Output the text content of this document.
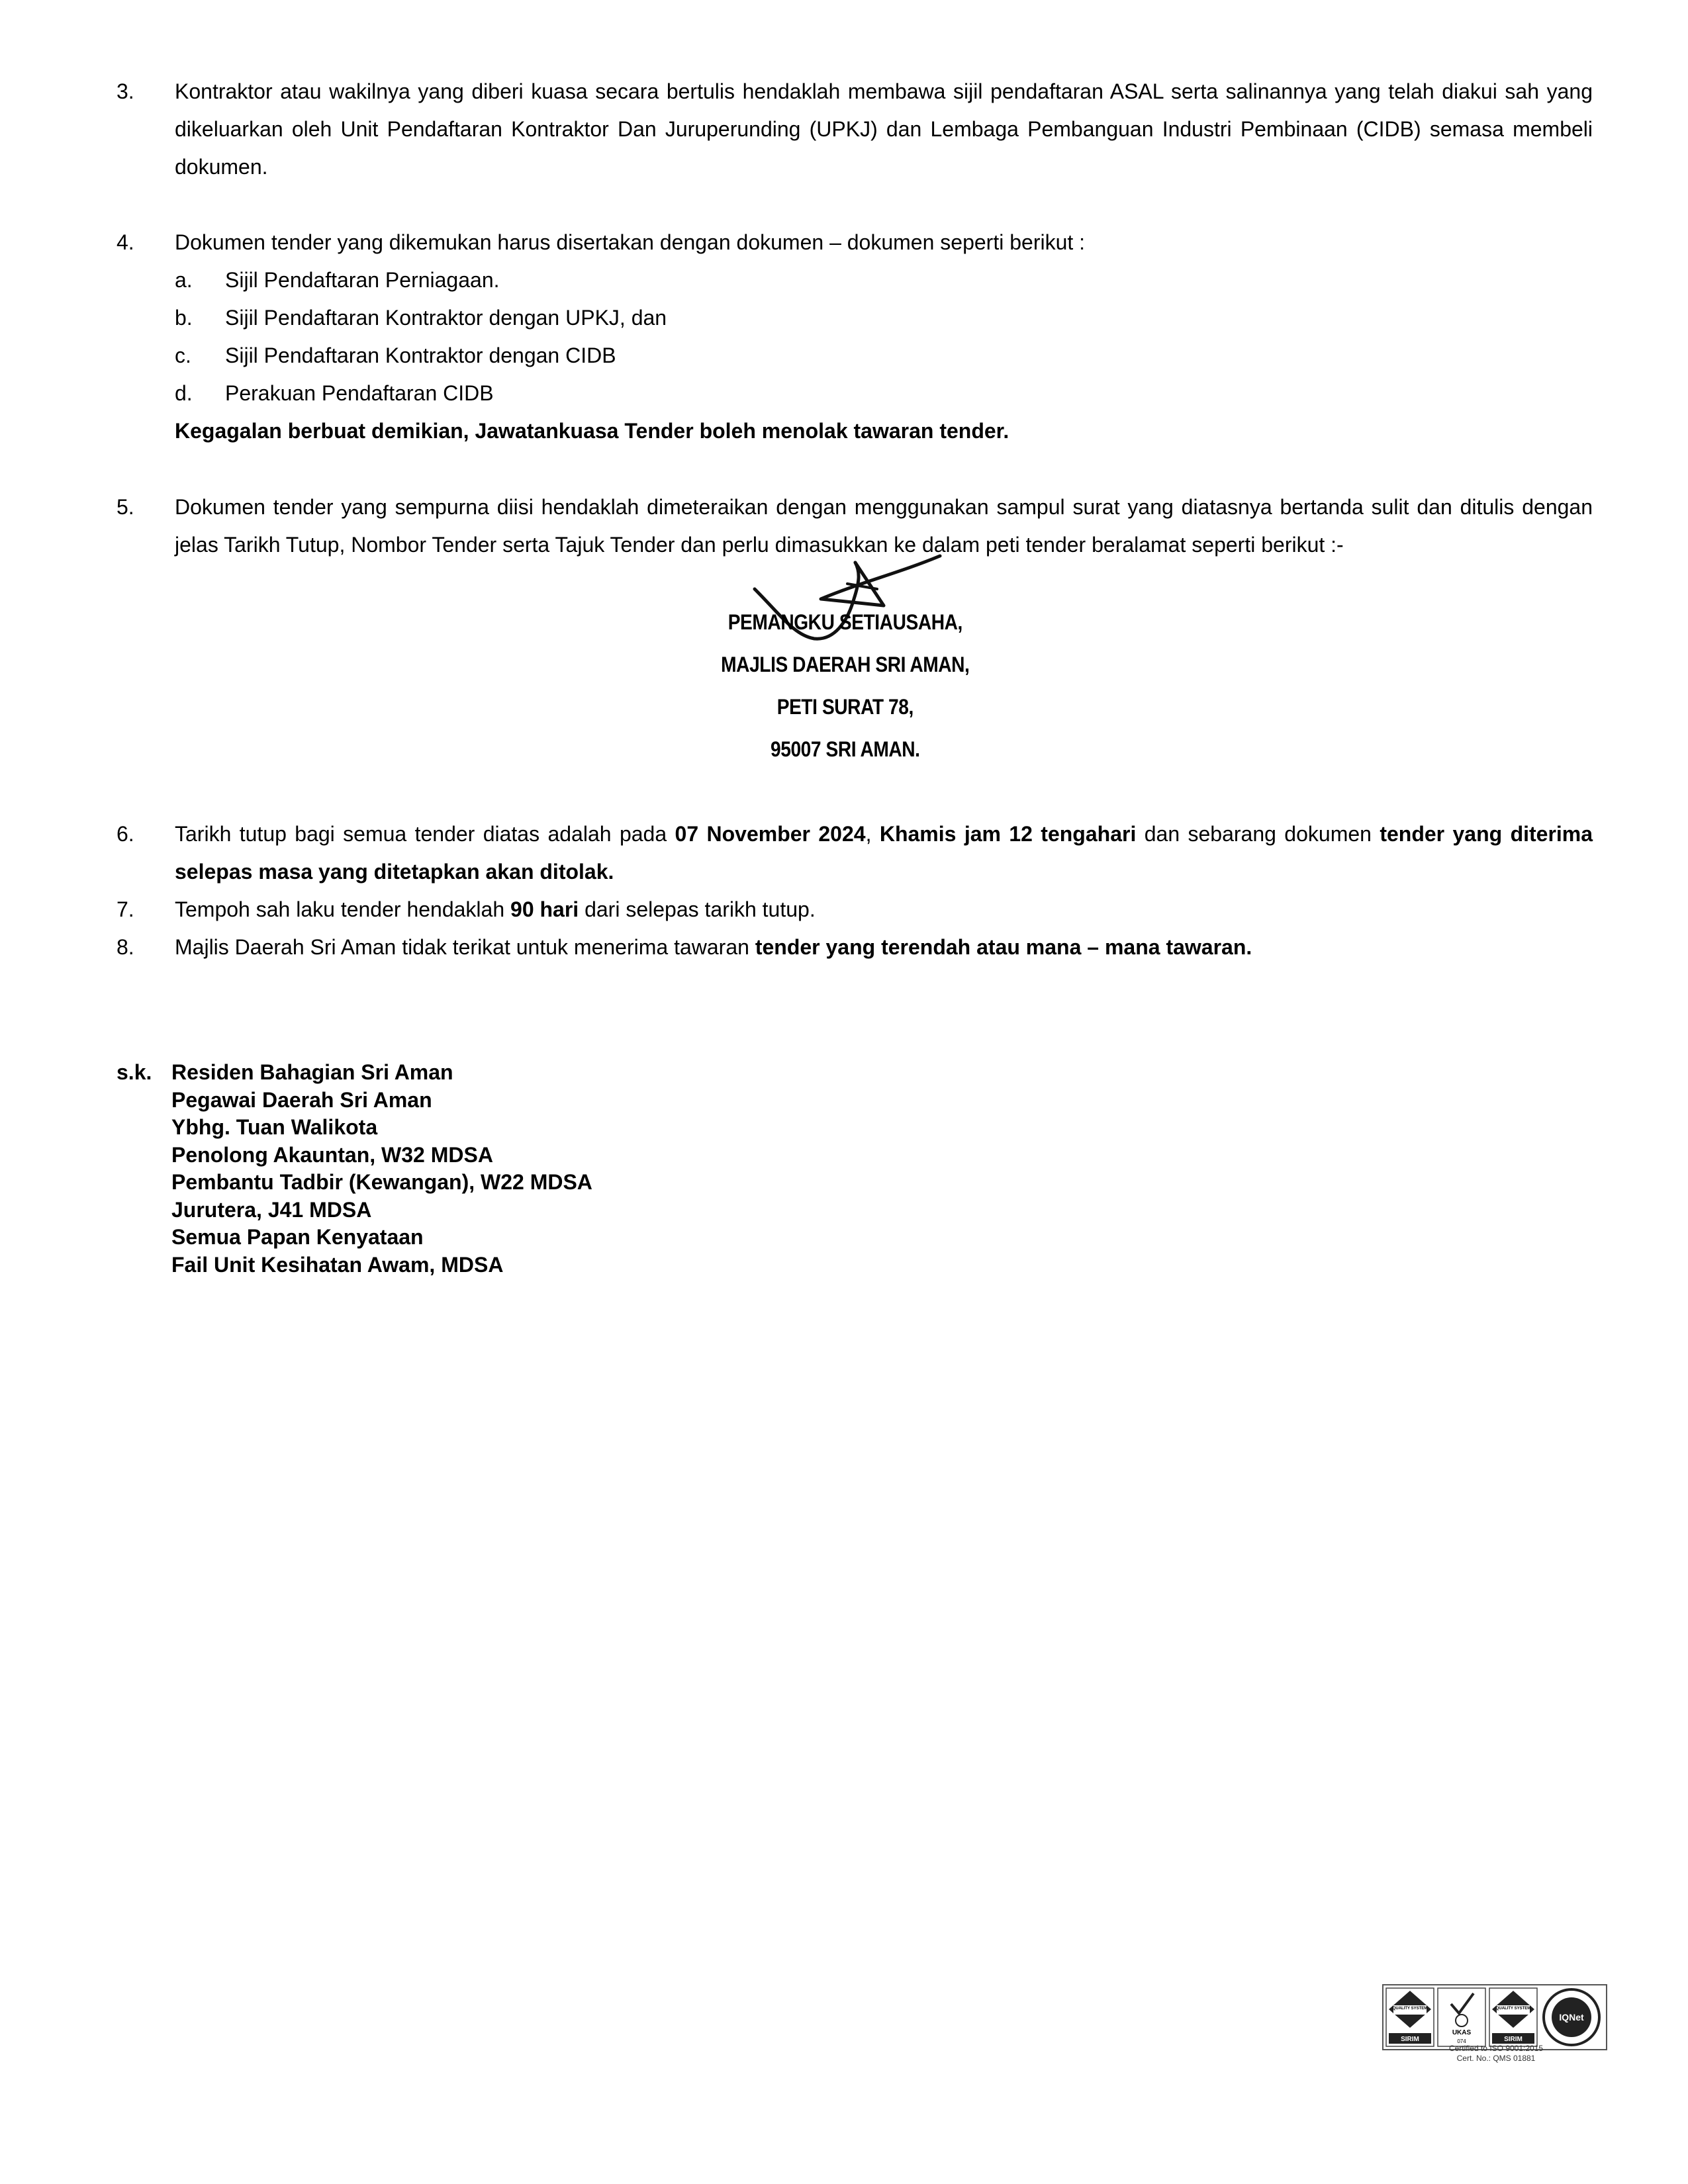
3.	Kontraktor atau wakilnya yang diberi kuasa secara bertulis hendaklah membawa sijil pendaftaran ASAL serta salinannya yang telah diakui sah yang dikeluarkan oleh Unit Pendaftaran Kontraktor Dan Juruperunding (UPKJ) dan Lembaga Pembanguan Industri Pembinaan (CIDB) semasa membeli dokumen.
4.	Dokumen tender yang dikemukan harus disertakan dengan dokumen – dokumen seperti berikut :
a. Sijil Pendaftaran Perniagaan.
b. Sijil Pendaftaran Kontraktor dengan UPKJ, dan
c. Sijil Pendaftaran Kontraktor dengan CIDB
d. Perakuan Pendaftaran CIDB
Kegagalan berbuat demikian, Jawatankuasa Tender boleh menolak tawaran tender.
5.	Dokumen tender yang sempurna diisi hendaklah dimeteraikan dengan menggunakan sampul surat yang diatasnya bertanda sulit dan ditulis dengan jelas Tarikh Tutup, Nombor Tender serta Tajuk Tender dan perlu dimasukkan ke dalam peti tender beralamat seperti berikut :-
PEMANGKU SETIAUSAHA,
MAJLIS DAERAH SRI AMAN,
PETI SURAT 78,
95007 SRI AMAN.
6.	Tarikh tutup bagi semua tender diatas adalah pada 07 November 2024, Khamis jam 12 tengahari dan sebarang dokumen tender yang diterima selepas masa yang ditetapkan akan ditolak.
7.	Tempoh sah laku tender hendaklah 90 hari dari selepas tarikh tutup.
8.	Majlis Daerah Sri Aman tidak terikat untuk menerima tawaran tender yang terendah atau mana – mana tawaran.
s.k. Residen Bahagian Sri Aman
Pegawai Daerah Sri Aman
Ybhg. Tuan Walikota
Penolong Akauntan, W32 MDSA
Pembantu Tadbir (Kewangan), W22 MDSA
Jurutera, J41 MDSA
Semua Papan Kenyataan
Fail Unit Kesihatan Awam, MDSA
QUALITY SYSTEM
SIRIM
UKAS
074
QUALITY SYSTEM
SIRIM
IQNet
Certified to ISO 9001:2015
Cert. No.: QMS 01881
